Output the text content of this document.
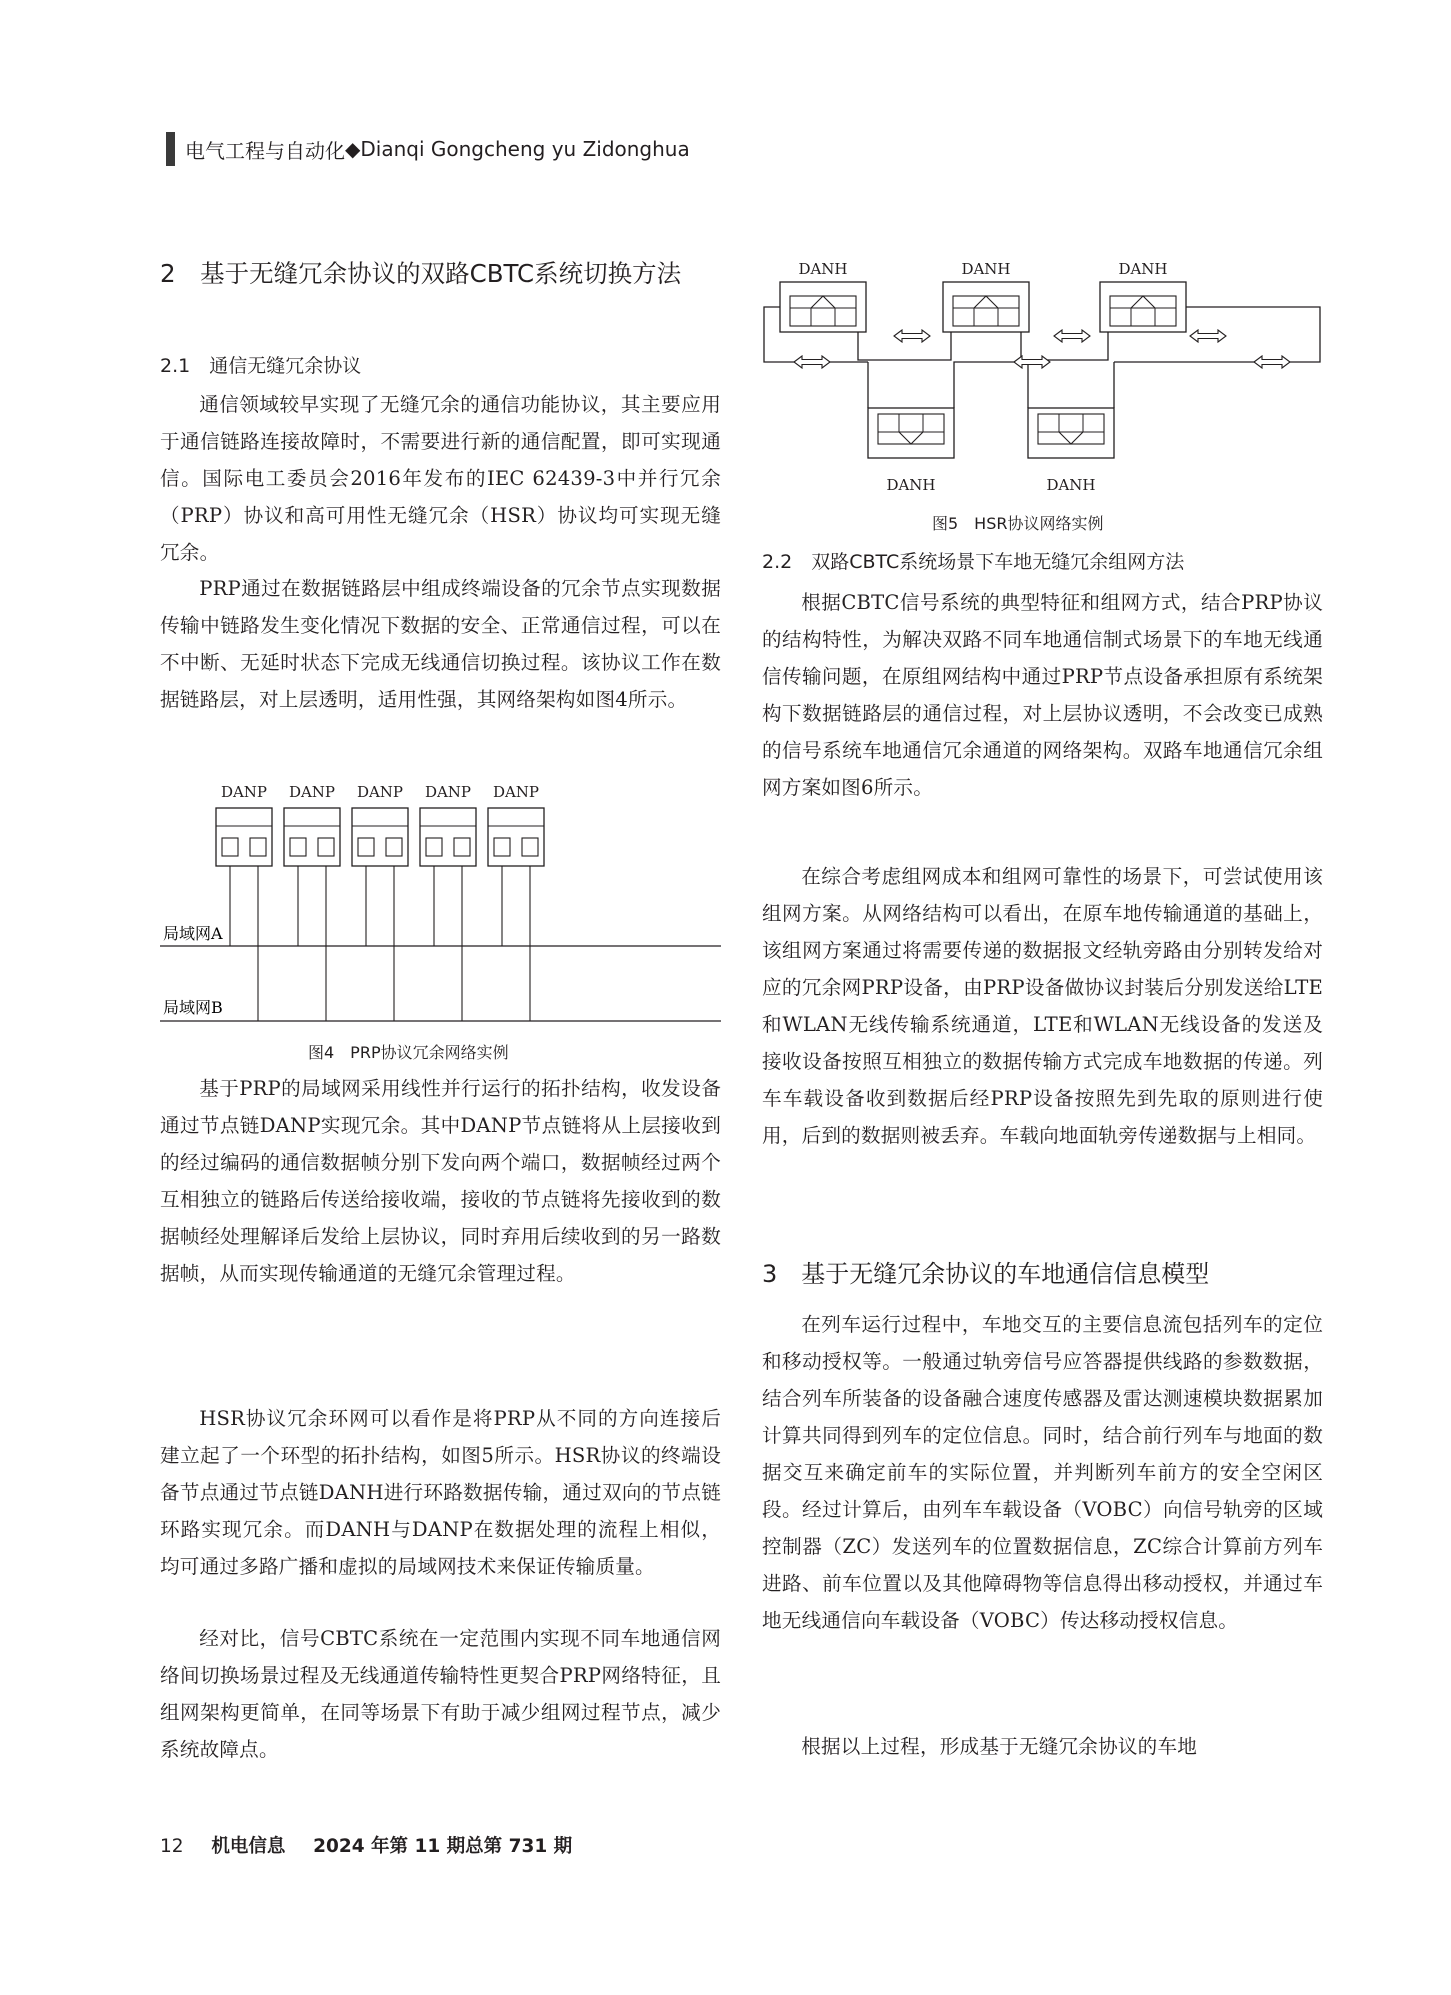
电气工程与自动化 ◆ Dianqi Gongcheng yu Zidonghua
2　基于无缝冗余协议的双路CBTC系统切换方法
2.1　通信无缝冗余协议

通信领域较早实现了无缝冗余的通信功能协议，其主要应用于通信链路连接故障时，不需要进行新的通信配置，即可实现通信。国际电工委员会2016年发布的IEC 62439-3中并行冗余（PRP）协议和高可用性无缝冗余（HSR）协议均可实现无缝冗余。

PRP通过在数据链路层中组成终端设备的冗余节点实现数据传输中链路发生变化情况下数据的安全、正常通信过程，可以在不中断、无延时状态下完成无线通信切换过程。该协议工作在数据链路层，对上层透明，适用性强，其网络架构如图4所示。

DANP DANP DANP DANP DANP
局域网A
局域网B
图4　PRP协议冗余网络实例

基于PRP的局域网采用线性并行运行的拓扑结构，收发设备通过节点链DANP实现冗余。其中DANP节点链将从上层接收到的经过编码的通信数据帧分别下发向两个端口，数据帧经过两个互相独立的链路后传送给接收端，接收的节点链将先接收到的数据帧经处理解译后发给上层协议，同时弃用后续收到的另一路数据帧，从而实现传输通道的无缝冗余管理过程。

HSR协议冗余环网可以看作是将PRP从不同的方向连接后建立起了一个环型的拓扑结构，如图5所示。HSR协议的终端设备节点通过节点链DANH进行环路数据传输，通过双向的节点链环路实现冗余。而DANH与DANP在数据处理的流程上相似，均可通过多路广播和虚拟的局域网技术来保证传输质量。

经对比，信号CBTC系统在一定范围内实现不同车地通信网络间切换场景过程及无线通道传输特性更契合PRP网络特征，且组网架构更简单，在同等场景下有助于减少组网过程节点，减少系统故障点。

DANH	DANH	DANH
DANH	DANH
图5　HSR协议网络实例
2.2　双路CBTC系统场景下车地无缝冗余组网方法

根据CBTC信号系统的典型特征和组网方式，结合PRP协议的结构特性，为解决双路不同车地通信制式场景下的车地无线通信传输问题，在原组网结构中通过PRP节点设备承担原有系统架构下数据链路层的通信过程，对上层协议透明，不会改变已成熟的信号系统车地通信冗余通道的网络架构。双路车地通信冗余组网方案如图6所示。

在综合考虑组网成本和组网可靠性的场景下，可尝试使用该组网方案。从网络结构可以看出，在原车地传输通道的基础上，该组网方案通过将需要传递的数据报文经轨旁路由分别转发给对应的冗余网PRP设备，由PRP设备做协议封装后分别发送给LTE和WLAN无线传输系统通道，LTE和WLAN无线设备的发送及接收设备按照互相独立的数据传输方式完成车地数据的传递。列车车载设备收到数据后经PRP设备按照先到先取的原则进行使用，后到的数据则被丢弃。车载向地面轨旁传递数据与上相同。

3　基于无缝冗余协议的车地通信信息模型

在列车运行过程中，车地交互的主要信息流包括列车的定位和移动授权等。一般通过轨旁信号应答器提供线路的参数数据，结合列车所装备的设备融合速度传感器及雷达测速模块数据累加计算共同得到列车的定位信息。同时，结合前行列车与地面的数据交互来确定前车的实际位置，并判断列车前方的安全空闲区段。经过计算后，由列车车载设备（VOBC）向信号轨旁的区域控制器（ZC）发送列车的位置数据信息，ZC综合计算前方列车进路、前车位置以及其他障碍物等信息得出移动授权，并通过车地无线通信向车载设备（VOBC）传达移动授权信息。

根据以上过程，形成基于无缝冗余协议的车地

12 机电信息 2024 年第 11 期总第 731 期
